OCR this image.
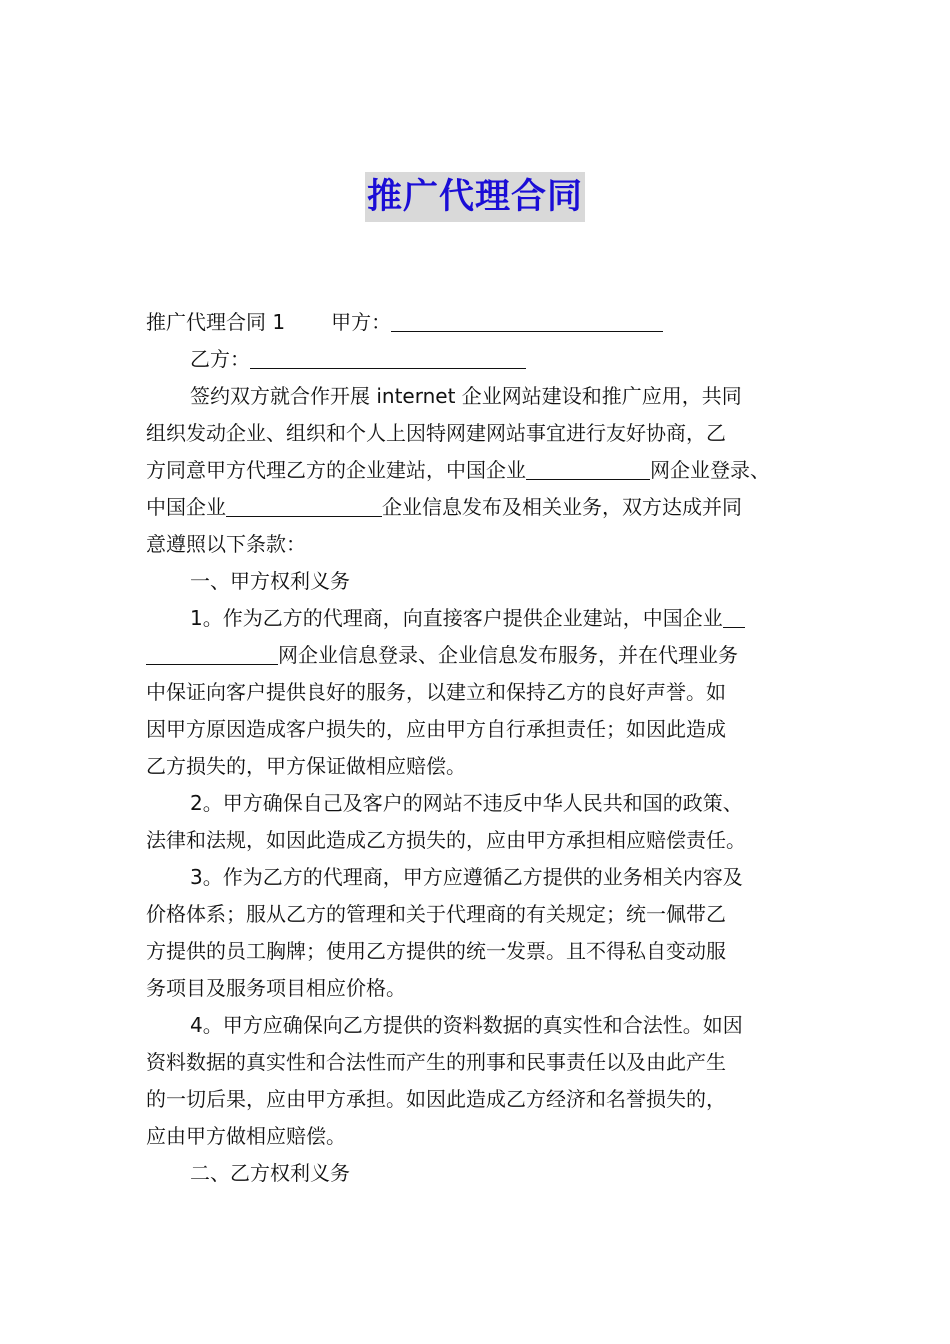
推广代理合同
推广代理合同 1 甲方：
乙方：
签约双方就合作开展 internet 企业网站建设和推广应用，共同
组织发动企业、组织和个人上因特网建网站事宜进行友好协商，乙
方同意甲方代理乙方的企业建站，中国企业	网企业登录、
中国企业	企业信息发布及相关业务，双方达成并同
意遵照以下条款：
一、甲方权利义务
1。作为乙方的代理商，向直接客户提供企业建站，中国企业
网企业信息登录、企业信息发布服务，并在代理业务
中保证向客户提供良好的服务，以建立和保持乙方的良好声誉。如
因甲方原因造成客户损失的，应由甲方自行承担责任；如因此造成
乙方损失的，甲方保证做相应赔偿。
2。甲方确保自己及客户的网站不违反中华人民共和国的政策、
法律和法规，如因此造成乙方损失的，应由甲方承担相应赔偿责任。
3。作为乙方的代理商，甲方应遵循乙方提供的业务相关内容及
价格体系；服从乙方的管理和关于代理商的有关规定；统一佩带乙
方提供的员工胸牌；使用乙方提供的统一发票。且不得私自变动服
务项目及服务项目相应价格。
4。甲方应确保向乙方提供的资料数据的真实性和合法性。如因
资料数据的真实性和合法性而产生的刑事和民事责任以及由此产生
的一切后果，应由甲方承担。如因此造成乙方经济和名誉损失的，
应由甲方做相应赔偿。
二、乙方权利义务
